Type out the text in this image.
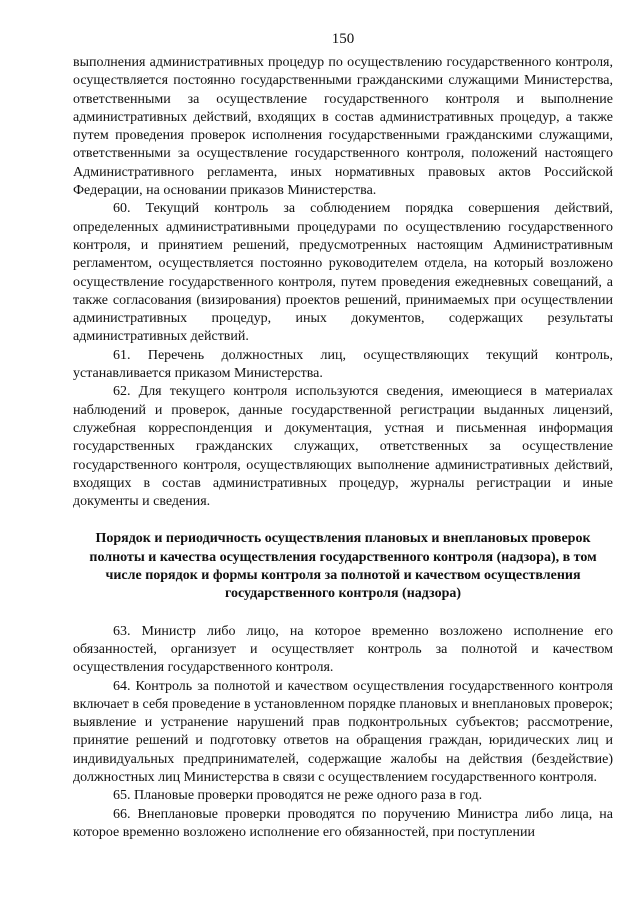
150

выполнения административных процедур по осуществлению государственного контроля, осуществляется постоянно государственными гражданскими служащими Министерства, ответственными за осуществление государственного контроля и выполнение административных действий, входящих в состав административных процедур, а также путем проведения проверок исполнения государственными гражданскими служащими, ответственными за осуществление государственного контроля, положений настоящего Административного регламента, иных нормативных правовых актов Российской Федерации, на основании приказов Министерства.

60. Текущий контроль за соблюдением порядка совершения действий, определенных административными процедурами по осуществлению государственного контроля, и принятием решений, предусмотренных настоящим Административным регламентом, осуществляется постоянно руководителем отдела, на который возложено осуществление государственного контроля, путем проведения ежедневных совещаний, а также согласования (визирования) проектов решений, принимаемых при осуществлении административных процедур, иных документов, содержащих результаты административных действий.

61. Перечень должностных лиц, осуществляющих текущий контроль, устанавливается приказом Министерства.

62. Для текущего контроля используются сведения, имеющиеся в материалах наблюдений и проверок, данные государственной регистрации выданных лицензий, служебная корреспонденция и документация, устная и письменная информация государственных гражданских служащих, ответственных за осуществление государственного контроля, осуществляющих выполнение административных действий, входящих в состав административных процедур, журналы регистрации и иные документы и сведения.

Порядок и периодичность осуществления плановых и внеплановых проверок полноты и качества осуществления государственного контроля (надзора), в том числе порядок и формы контроля за полнотой и качеством осуществления государственного контроля (надзора)

63. Министр либо лицо, на которое временно возложено исполнение его обязанностей, организует и осуществляет контроль за полнотой и качеством осуществления государственного контроля.

64. Контроль за полнотой и качеством осуществления государственного контроля включает в себя проведение в установленном порядке плановых и внеплановых проверок; выявление и устранение нарушений прав подконтрольных субъектов; рассмотрение, принятие решений и подготовку ответов на обращения граждан, юридических лиц и индивидуальных предпринимателей, содержащие жалобы на действия (бездействие) должностных лиц Министерства в связи с осуществлением государственного контроля.

65. Плановые проверки проводятся не реже одного раза в год.

66. Внеплановые проверки проводятся по поручению Министра либо лица, на которое временно возложено исполнение его обязанностей, при поступлении
